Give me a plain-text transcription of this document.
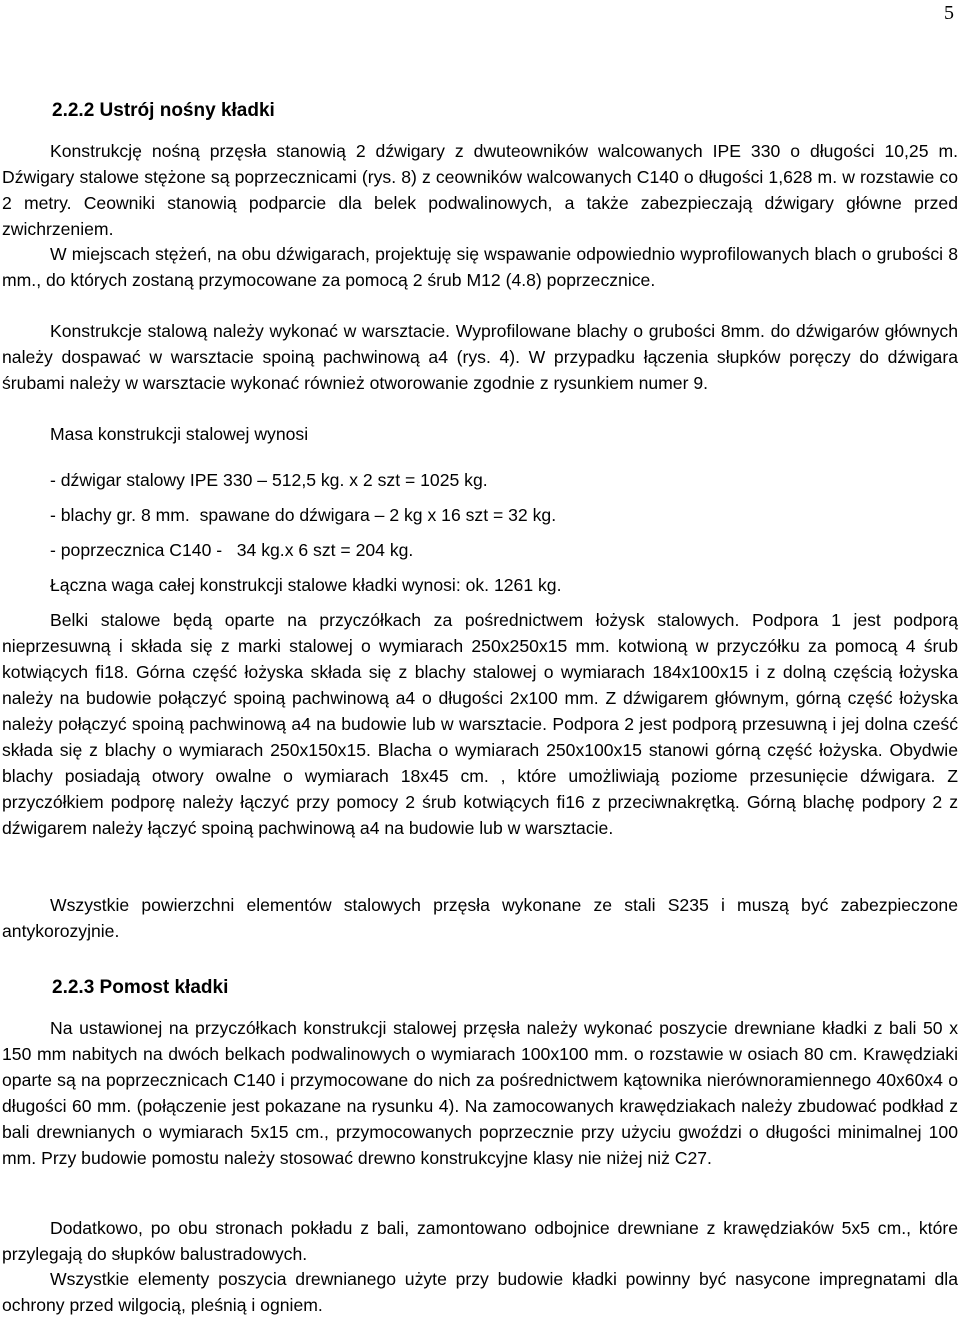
5
2.2.2 Ustrój nośny kładki
Konstrukcję nośną przęsła stanowią 2 dźwigary z dwuteowników walcowanych IPE 330 o długości 10,25 m. Dźwigary stalowe stężone są poprzecznicami (rys. 8) z ceowników walcowanych C140 o długości 1,628 m. w rozstawie co 2 metry. Ceowniki stanowią podparcie dla belek podwalinowych, a także zabezpieczają dźwigary główne przed zwichrzeniem.
W miejscach stężeń, na obu dźwigarach, projektuję się wspawanie odpowiednio wyprofilowanych blach o grubości 8 mm., do których zostaną przymocowane za pomocą 2 śrub M12 (4.8) poprzecznice.
Konstrukcje stalową należy wykonać w warsztacie. Wyprofilowane blachy o grubości 8mm. do dźwigarów głównych należy dospawać w warsztacie spoiną pachwinową a4 (rys. 4). W przypadku łączenia słupków poręczy do dźwigara śrubami należy w warsztacie wykonać również otworowanie zgodnie z rysunkiem numer 9.
Masa konstrukcji stalowej wynosi
- dźwigar stalowy IPE 330 – 512,5 kg. x 2 szt = 1025 kg.
- blachy gr. 8 mm.  spawane do dźwigara – 2 kg x 16 szt = 32 kg.
- poprzecznica C140 -   34 kg.x 6 szt = 204 kg.
Łączna waga całej konstrukcji stalowe kładki wynosi: ok. 1261 kg.
Belki stalowe będą oparte na przyczółkach za pośrednictwem łożysk stalowych. Podpora 1 jest podporą nieprzesuwną i składa się z marki stalowej o wymiarach 250x250x15 mm. kotwioną w przyczółku za pomocą 4 śrub kotwiących fi18. Górna część łożyska składa się z blachy stalowej o wymiarach 184x100x15 i z dolną częścią łożyska należy na budowie połączyć spoiną pachwinową a4 o długości 2x100 mm. Z dźwigarem głównym, górną część łożyska należy połączyć spoiną pachwinową a4 na budowie lub w warsztacie. Podpora 2 jest podporą przesuwną i jej dolna cześć składa się z blachy o wymiarach 250x150x15. Blacha o wymiarach 250x100x15 stanowi górną część łożyska. Obydwie blachy posiadają otwory owalne o wymiarach 18x45 cm. , które umożliwiają poziome przesunięcie dźwigara. Z przyczółkiem podporę należy łączyć przy pomocy 2 śrub kotwiących fi16 z przeciwnakrętką. Górną blachę podpory 2 z dźwigarem należy łączyć spoiną pachwinową a4 na budowie lub w warsztacie.
Wszystkie powierzchni elementów stalowych przęsła wykonane ze stali S235 i muszą być zabezpieczone antykorozyjnie.
2.2.3 Pomost kładki
Na ustawionej na przyczółkach konstrukcji stalowej przęsła należy wykonać poszycie drewniane kładki z bali 50 x 150 mm nabitych na dwóch belkach podwalinowych o wymiarach 100x100 mm. o rozstawie w osiach 80 cm. Krawędziaki oparte są na poprzecznicach C140 i przymocowane do nich za pośrednictwem kątownika nierównoramiennego 40x60x4 o długości 60 mm. (połączenie jest pokazane na rysunku 4). Na zamocowanych krawędziakach należy zbudować podkład z bali drewnianych o wymiarach 5x15 cm., przymocowanych poprzecznie przy użyciu gwoździ o długości minimalnej 100 mm. Przy budowie pomostu należy stosować drewno konstrukcyjne klasy nie niżej niż C27.
Dodatkowo, po obu stronach pokładu z bali, zamontowano odbojnice drewniane z krawędziaków 5x5 cm., które przylegają do słupków balustradowych.
Wszystkie elementy poszycia drewnianego użyte przy budowie kładki powinny być nasycone impregnatami dla ochrony przed wilgocią, pleśnią i ogniem.
